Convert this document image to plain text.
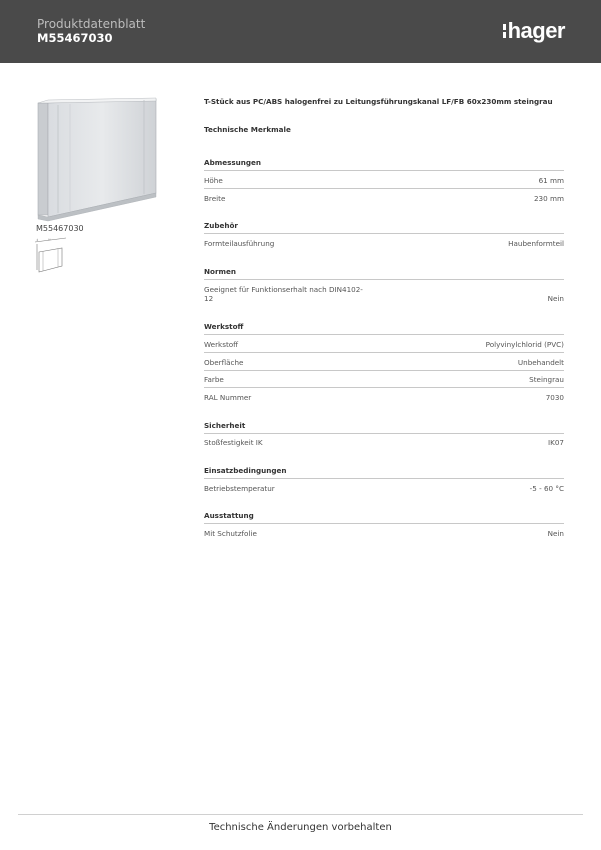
Produktdatenblatt
M55467030	hager
M55467030
↕	↔
T-Stück aus PC/ABS halogenfrei zu Leitungsführungskanal LF/FB 60x230mm steingrau
Technische Merkmale
Abmessungen
Höhe	61 mm
Breite	230 mm
Zubehör
Formteilausführung	Haubenformteil
Normen
Geeignet für Funktionserhalt nach DIN4102-
12	Nein
Werkstoff
Werkstoff	Polyvinylchlorid (PVC)
Oberfläche	Unbehandelt
Farbe	Steingrau
RAL Nummer	7030
Sicherheit
Stoßfestigkeit IK	IK07
Einsatzbedingungen
Betriebstemperatur	-5 - 60 °C
Ausstattung
Mit Schutzfolie	Nein
Technische Änderungen vorbehalten
